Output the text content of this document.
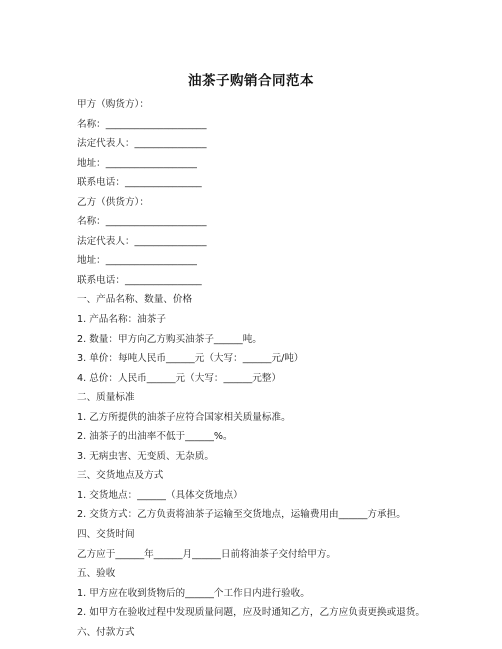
油茶子购销合同范本
甲方（购货方）：
名称：_____________________
法定代表人：_______________
地址：___________________
联系电话：________________
乙方（供货方）：
名称：_____________________
法定代表人：_______________
地址：___________________
联系电话：________________
一、产品名称、数量、价格
1. 产品名称：油茶子
2. 数量：甲方向乙方购买油茶子______吨。
3. 单价：每吨人民币______元（大写：______元/吨）
4. 总价：人民币______元（大写：______元整）
二、质量标准
1. 乙方所提供的油茶子应符合国家相关质量标准。
2. 油茶子的出油率不低于______%。
3. 无病虫害、无变质、无杂质。
三、交货地点及方式
1. 交货地点：______（具体交货地点）
2. 交货方式：乙方负责将油茶子运输至交货地点，运输费用由______方承担。
四、交货时间
乙方应于______年______月______日前将油茶子交付给甲方。
五、验收
1. 甲方应在收到货物后的______个工作日内进行验收。
2. 如甲方在验收过程中发现质量问题，应及时通知乙方，乙方应负责更换或退货。
六、付款方式
